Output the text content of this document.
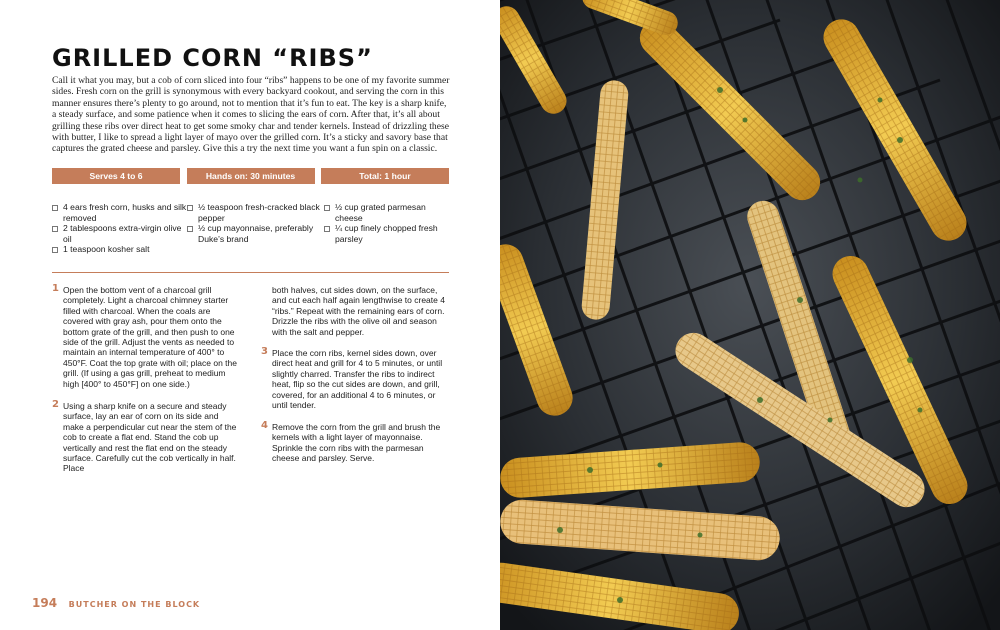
GRILLED CORN “RIBS”

Call it what you may, but a cob of corn sliced into four “ribs” happens to be one of my favorite summer sides. Fresh corn on the grill is synonymous with every backyard cookout, and serving the corn in this manner ensures there’s plenty to go around, not to mention that it’s fun to eat. The key is a sharp knife, a steady surface, and some patience when it comes to slicing the ears of corn. After that, it’s all about grilling these ribs over direct heat to get some smoky char and tender kernels. Instead of drizzling these with butter, I like to spread a light layer of mayo over the grilled corn. It’s a sticky and savory base that captures the grated cheese and parsley. Give this a try the next time you want a fun spin on a classic.

Serves 4 to 6	Hands on: 30 minutes	Total: 1 hour
4 ears fresh corn, husks and silk removed
2 tablespoons extra-virgin olive oil
1 teaspoon kosher salt
½ teaspoon fresh-cracked black pepper
½ cup mayonnaise, preferably Duke’s brand
½ cup grated parmesan cheese
¼ cup finely chopped fresh parsley
1 Open the bottom vent of a charcoal grill completely. Light a charcoal chimney starter filled with charcoal. When the coals are covered with gray ash, pour them onto the bottom grate of the grill, and then push to one side of the grill. Adjust the vents as needed to maintain an internal temperature of 400° to 450°F. Coat the top grate with oil; place on the grill. (If using a gas grill, preheat to medium high [400° to 450°F] on one side.)
2 Using a sharp knife on a secure and steady surface, lay an ear of corn on its side and make a perpendicular cut near the stem of the cob to create a flat end. Stand the cob up vertically and rest the flat end on the steady surface. Carefully cut the cob vertically in half. Place
both halves, cut sides down, on the surface, and cut each half again lengthwise to create 4 “ribs.” Repeat with the remaining ears of corn. Drizzle the ribs with the olive oil and season with the salt and pepper.
3 Place the corn ribs, kernel sides down, over direct heat and grill for 4 to 5 minutes, or until slightly charred. Transfer the ribs to indirect heat, flip so the cut sides are down, and grill, covered, for an additional 4 to 6 minutes, or until tender.
4 Remove the corn from the grill and brush the kernels with a light layer of mayonnaise. Sprinkle the corn ribs with the parmesan cheese and parsley. Serve.
194 BUTCHER ON THE BLOCK
